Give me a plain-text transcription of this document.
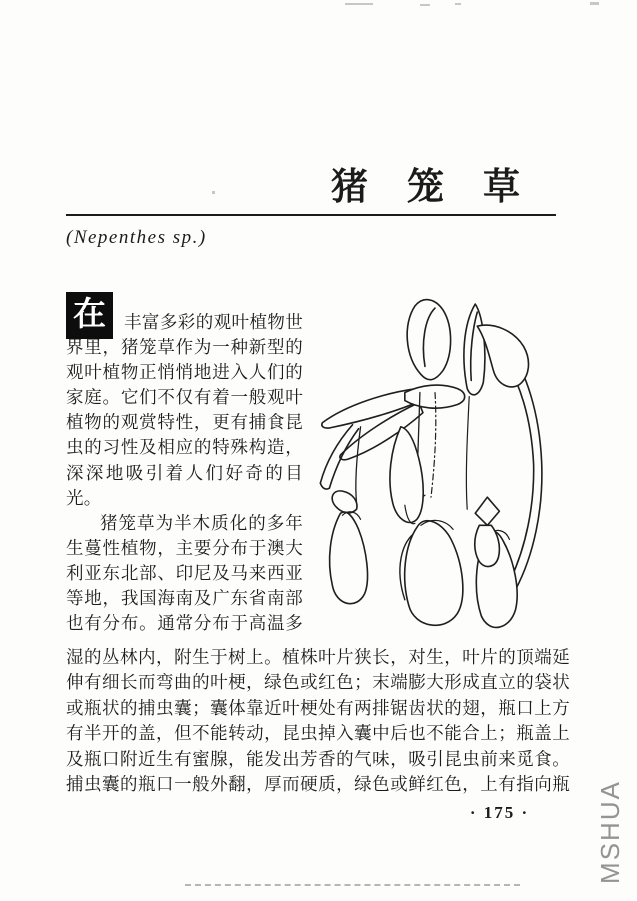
猪笼草
(Nepenthes sp.)
在	丰富多彩的观叶植物世
界里，猪笼草作为一种新型的
观叶植物正悄悄地进入人们的
家庭。它们不仅有着一般观叶
植物的观赏特性，更有捕食昆
虫的习性及相应的特殊构造，
深深地吸引着人们好奇的目
光。
猪笼草为半木质化的多年
生蔓性植物，主要分布于澳大
利亚东北部、印尼及马来西亚
等地，我国海南及广东省南部
也有分布。通常分布于高温多
湿的丛林内，附生于树上。植株叶片狭长，对生，叶片的顶端延
伸有细长而弯曲的叶梗，绿色或红色；末端膨大形成直立的袋状
或瓶状的捕虫囊；囊体靠近叶梗处有两排锯齿状的翅，瓶口上方
有半开的盖，但不能转动，昆虫掉入囊中后也不能合上；瓶盖上
及瓶口附近生有蜜腺，能发出芳香的气味，吸引昆虫前来觅食。
捕虫囊的瓶口一般外翻，厚而硬质，绿色或鲜红色，上有指向瓶
· 175 ·	MSHUA
